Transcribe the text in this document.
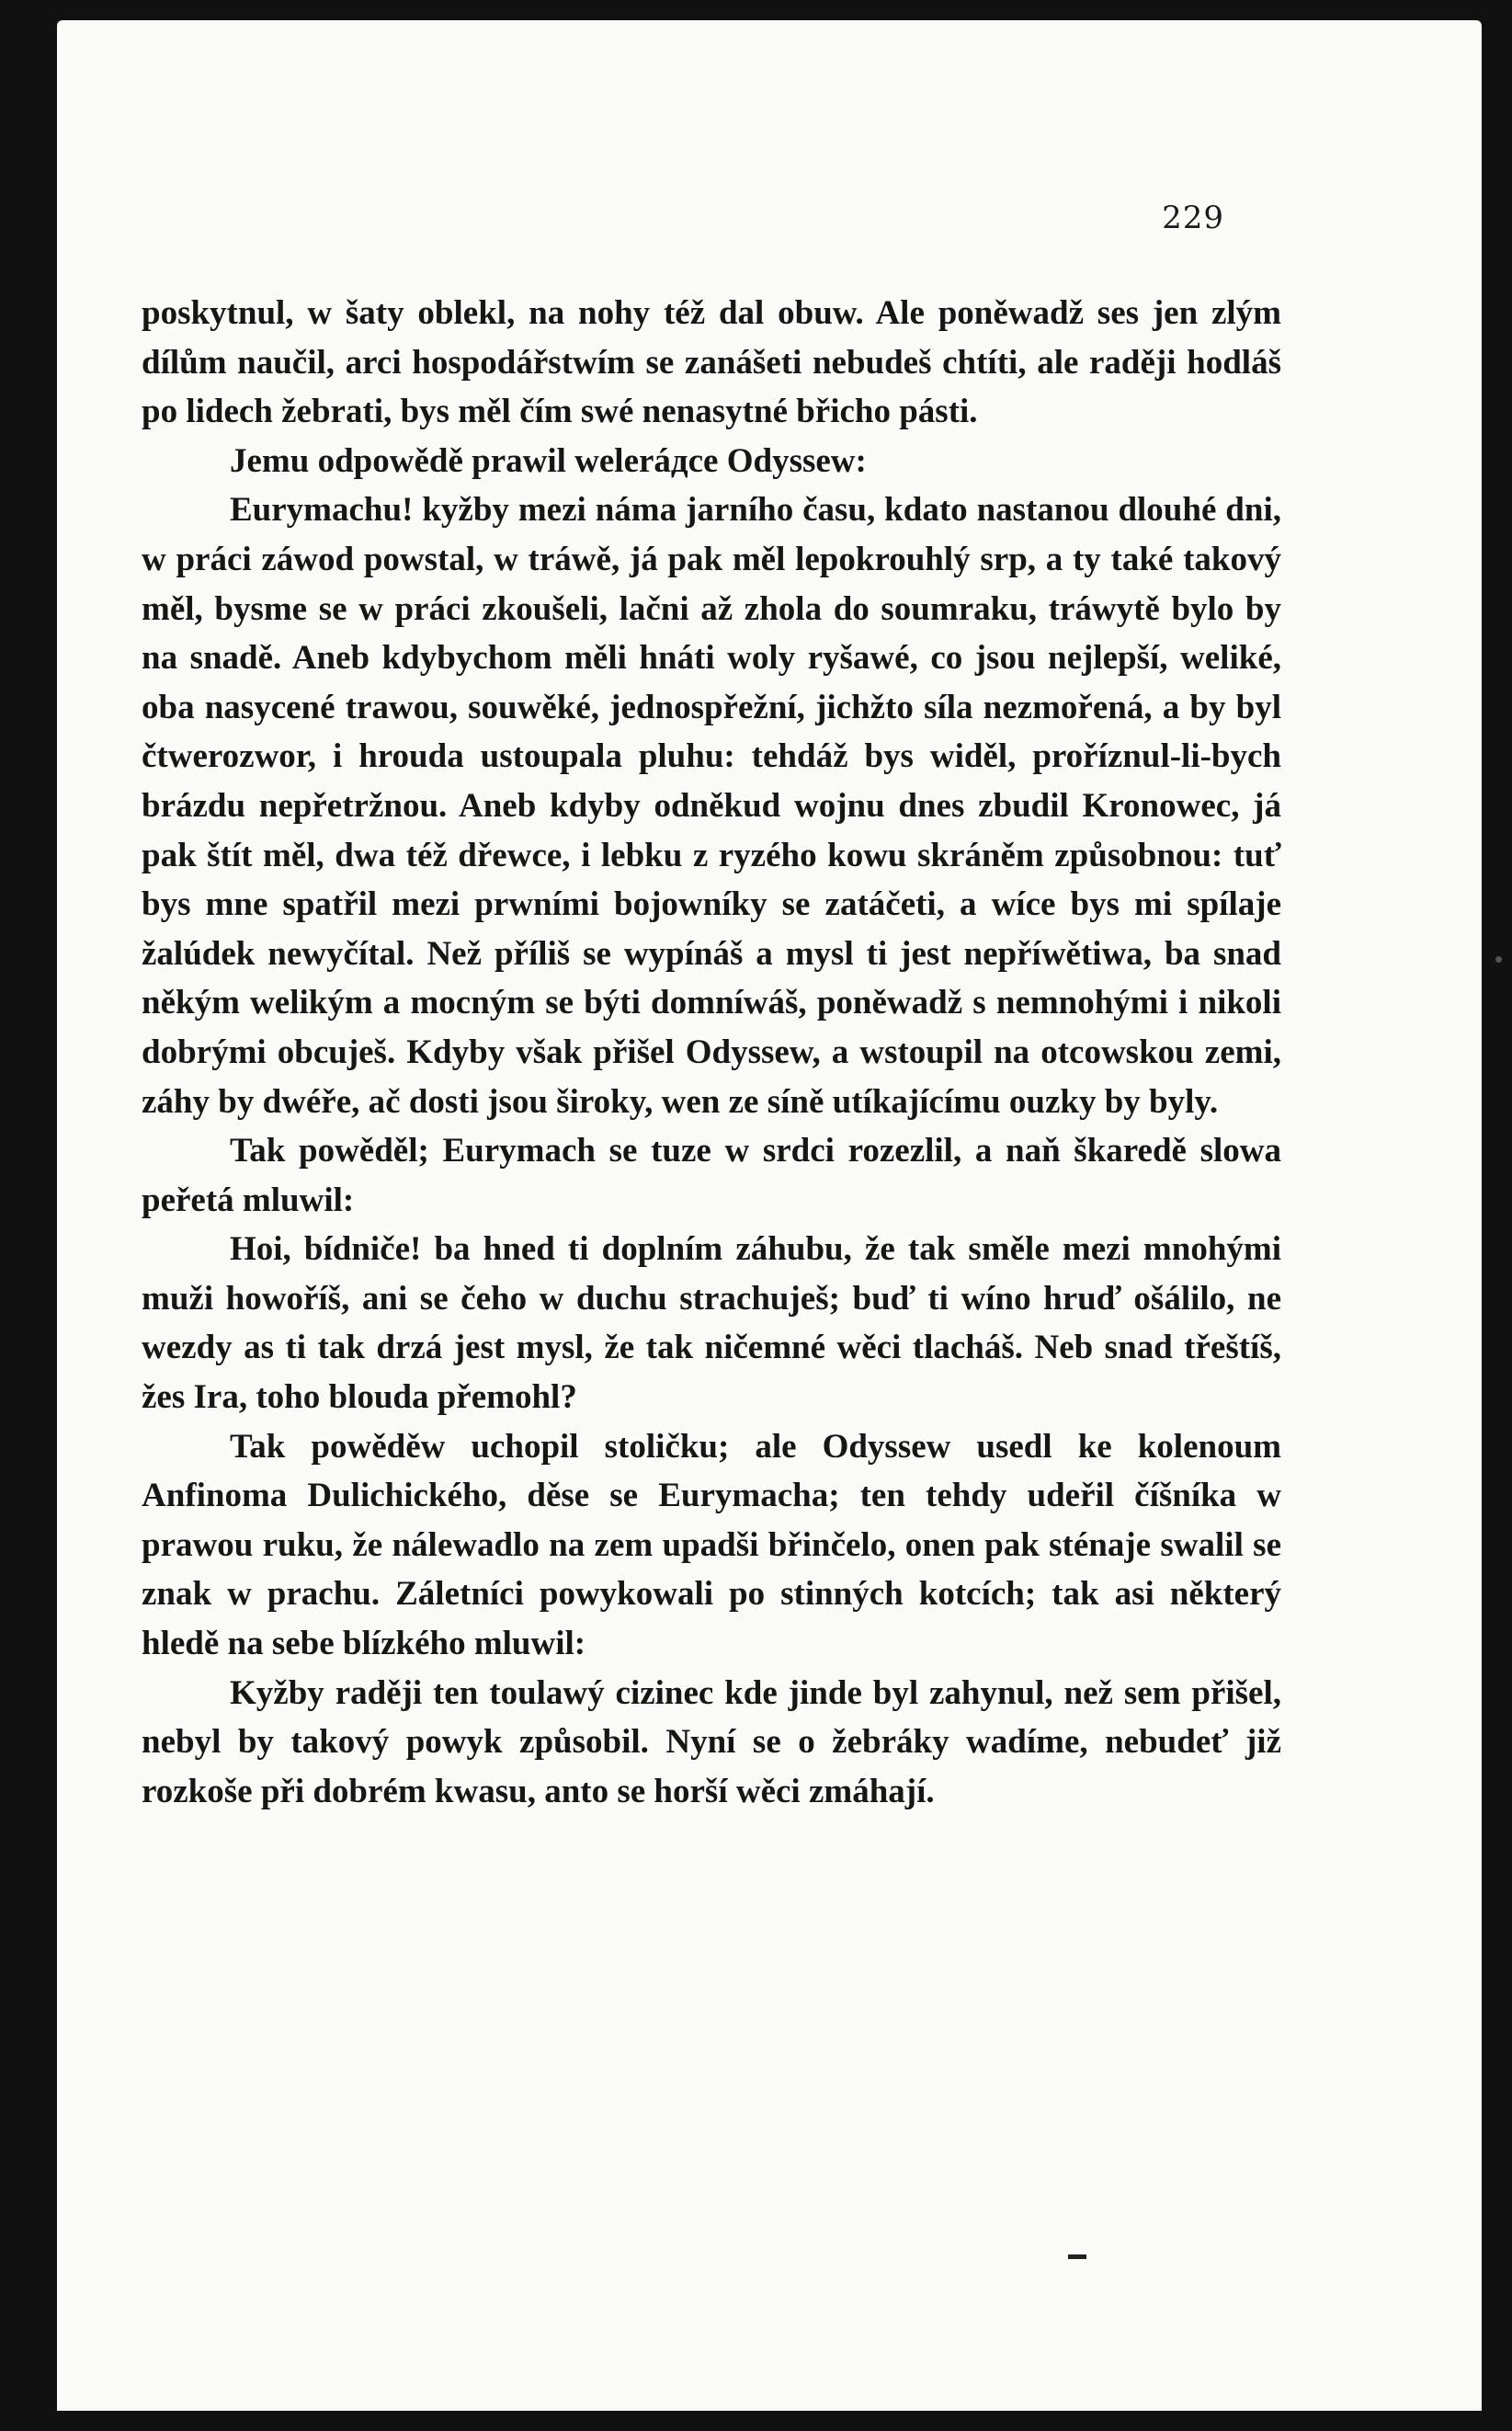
229

poskytnul, w šaty oblekl, na nohy též dal obuw. Ale poněwadž ses jen zlým dílům naučil, arci hospodářstwím se zanášeti nebudeš chtíti, ale raději hodláš po lidech žebrati, bys měl čím swé nenasytné břicho pásti.

Jemu odpowědě prawil weleráдce Odyssew:

Eurymachu! kyžby mezi náma jarního času, kdato nastanou dlouhé dni, w práci záwod powstal, w tráwě, já pak měl lepokrouhlý srp, a ty také takový měl, bysme se w práci zkoušeli, lačni až zhola do soumraku, tráwytě bylo by na snadě. Aneb kdybychom měli hnáti woly ryšawé, co jsou nejlepší, weliké, oba nasycené trawou, souwěké, jednospřežní, jichžto síla nezmořená, a by byl čtwerozwor, i hrouda ustoupala pluhu: tehdáž bys widěl, proříznul-li-bych brázdu nepřetržnou. Aneb kdyby odněkud wojnu dnes zbudil Kronowec, já pak štít měl, dwa též dřewce, i lebku z ryzého kowu skráněm způsobnou: tuť bys mne spatřil mezi prwními bojowníky se zatáčeti, a wíce bys mi spílaje žalúdek newyčítal. Než příliš se wypínáš a mysl ti jest nepříwětiwa, ba snad někým welikým a mocným se býti domníwáš, poněwadž s nemnohými i nikoli dobrými obcuješ. Kdyby však přišel Odyssew, a wstoupil na otcowskou zemi, záhy by dwéře, ač dosti jsou široky, wen ze síně utíkajícímu ouzky by byly.

Tak powěděl; Eurymach se tuze w srdci rozezlil, a naň škaredě slowa peřetá mluwil:

Hoi, bídniče! ba hned ti doplním záhubu, že tak směle mezi mnohými muži howoříš, ani se čeho w duchu strachuješ; buď ti wíno hruď ošálilo, ne wezdy as ti tak drzá jest mysl, že tak ničemné wěci tlacháš. Neb snad třeštíš, žes Ira, toho blouda přemohl?

Tak powěděw uchopil stoličku; ale Odyssew usedl ke kolenoum Anfinoma Dulichického, děse se Eurymacha; ten tehdy udeřil číšníka w prawou ruku, že nálewadlo na zem upadši břinčelo, onen pak sténaje swalil se znak w prachu. Záletníci powykowali po stinných kotcích; tak asi některý hledě na sebe blízkého mluwil:

Kyžby raději ten toulawý cizinec kde jinde byl zahynul, než sem přišel, nebyl by takový powyk způsobil. Nyní se o žebráky wadíme, nebudeť již rozkoše při dobrém kwasu, anto se horší wěci zmáhají.
